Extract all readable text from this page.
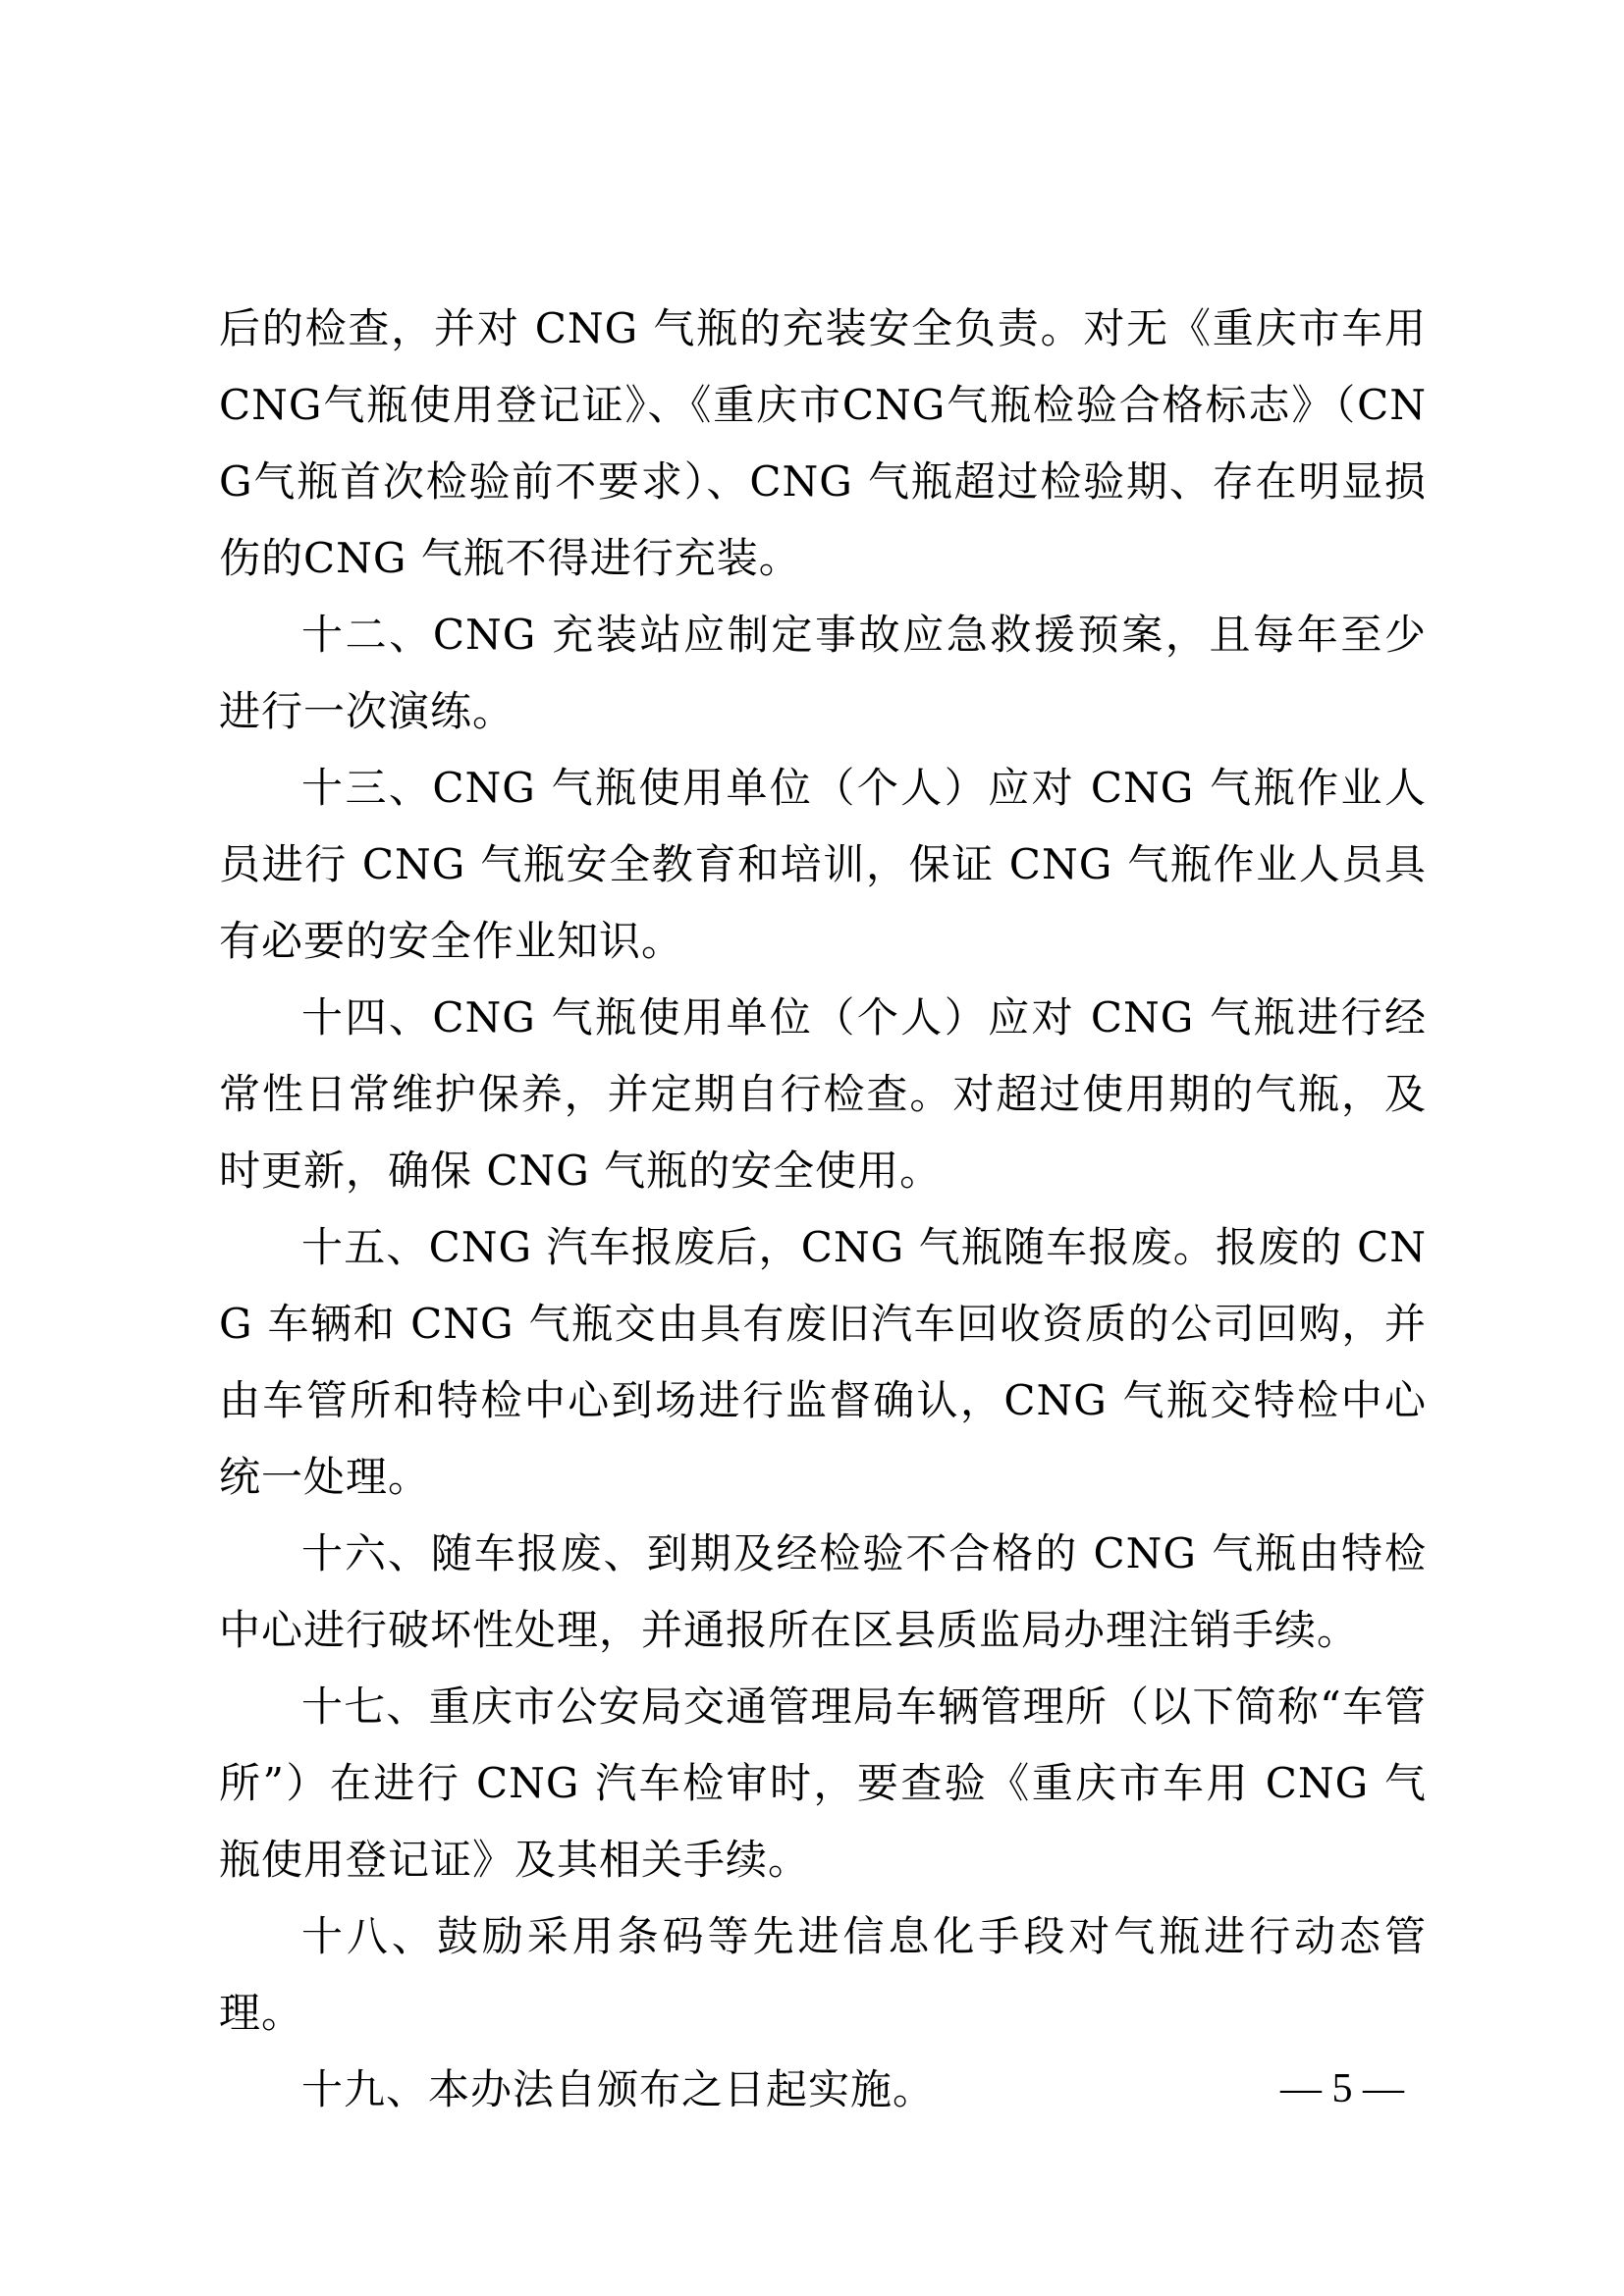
后的检查，并对 CNG 气瓶的充装安全负责。对无《重庆市车用CNG气瓶使用登记证》、《重庆市CNG气瓶检验合格标志》（CNG气瓶首次检验前不要求）、CNG 气瓶超过检验期、存在明显损伤的CNG 气瓶不得进行充装。

十二、CNG 充装站应制定事故应急救援预案，且每年至少进行一次演练。

十三、CNG 气瓶使用单位（个人）应对 CNG 气瓶作业人员进行 CNG 气瓶安全教育和培训，保证 CNG 气瓶作业人员具有必要的安全作业知识。

十四、CNG 气瓶使用单位（个人）应对 CNG 气瓶进行经常性日常维护保养，并定期自行检查。对超过使用期的气瓶，及时更新，确保 CNG 气瓶的安全使用。

十五、CNG 汽车报废后，CNG 气瓶随车报废。报废的 CNG 车辆和 CNG 气瓶交由具有废旧汽车回收资质的公司回购，并由车管所和特检中心到场进行监督确认，CNG 气瓶交特检中心统一处理。

十六、随车报废、到期及经检验不合格的 CNG 气瓶由特检中心进行破坏性处理，并通报所在区县质监局办理注销手续。

十七、重庆市公安局交通管理局车辆管理所（以下简称“车管所”）在进行 CNG 汽车检审时，要查验《重庆市车用 CNG 气瓶使用登记证》及其相关手续。

十八、鼓励采用条码等先进信息化手段对气瓶进行动态管理。

十九、本办法自颁布之日起实施。	— 5 —
